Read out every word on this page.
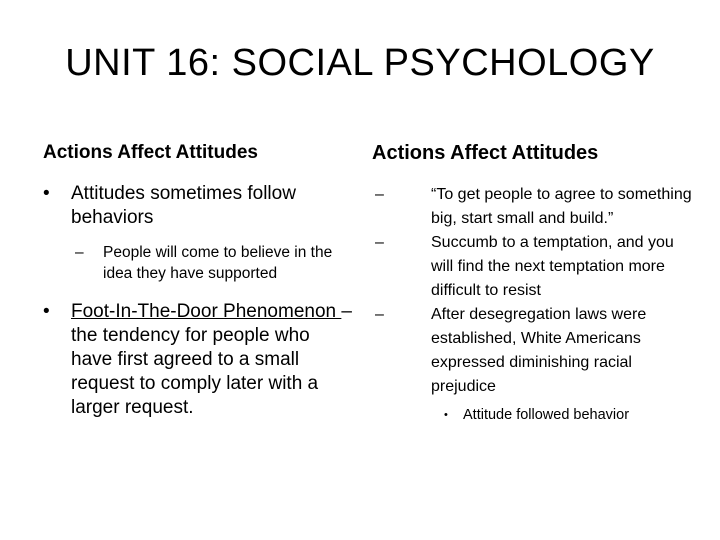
UNIT 16: SOCIAL PSYCHOLOGY
Actions Affect Attitudes
•	Attitudes sometimes follow behaviors
– People will come to believe in the idea they have supported
•	Foot-In-The-Door Phenomenon – the tendency for people who have first agreed to a small request to comply later with a larger request.
Actions Affect Attitudes
–	“To get people to agree to something big, start small and build.”
–	Succumb to a temptation, and you will find the next temptation more difficult to resist
–	After desegregation laws were established, White Americans expressed diminishing racial prejudice
• Attitude followed behavior
